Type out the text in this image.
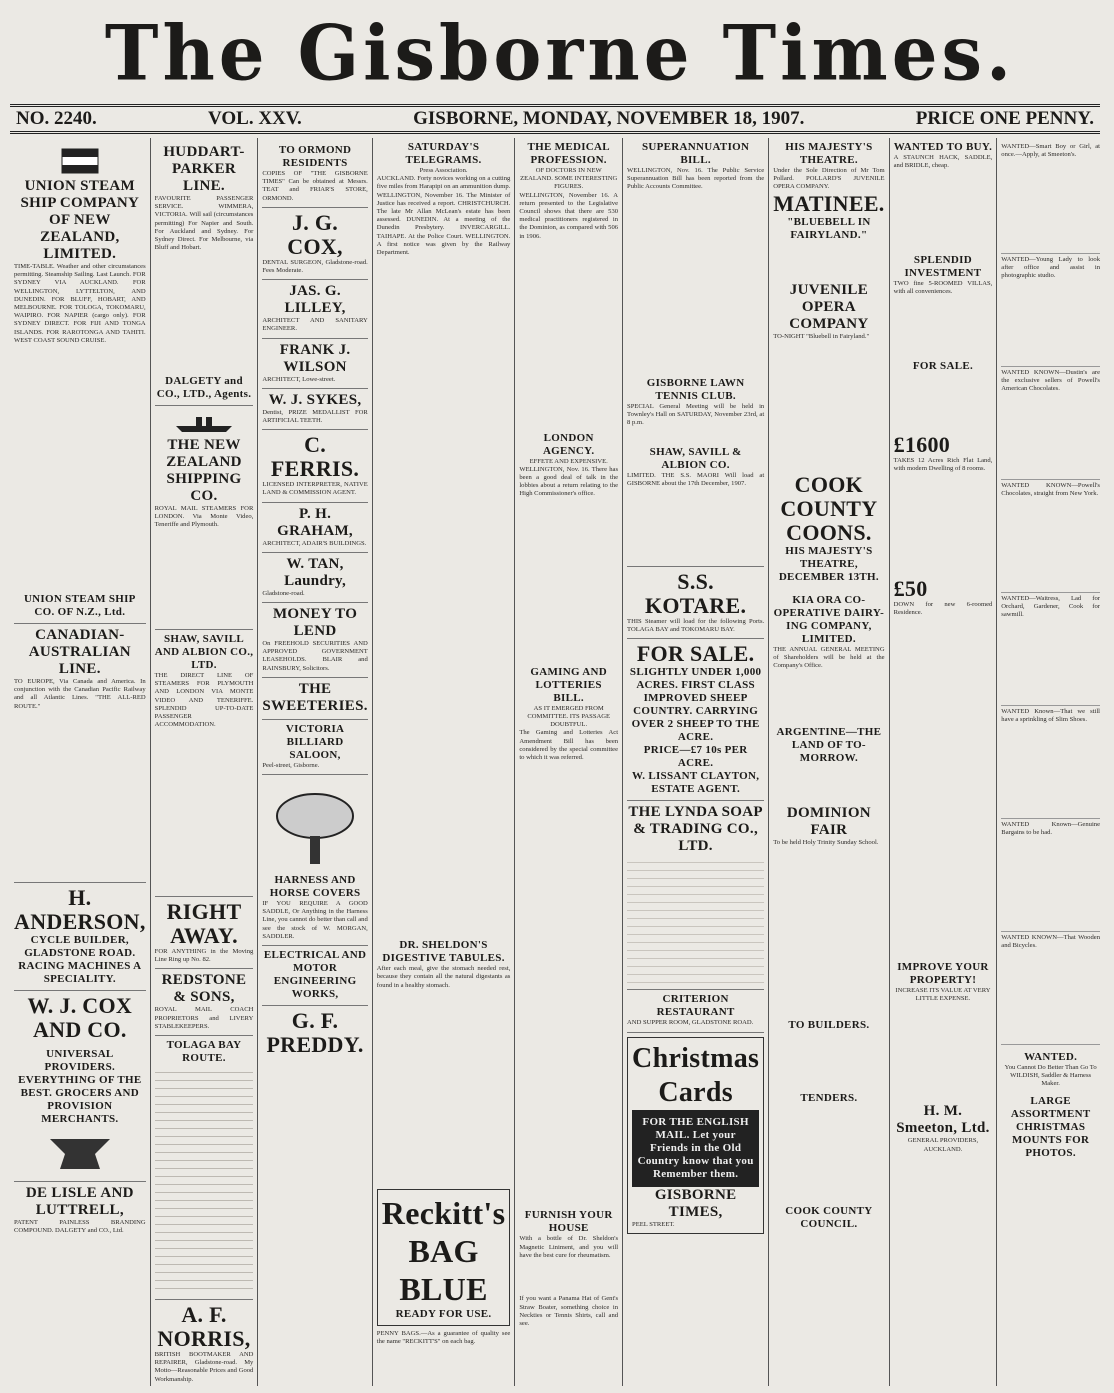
The Gisborne Times.
NO. 2240.	VOL. XXV.	GISBORNE, MONDAY, NOVEMBER 18, 1907.	PRICE ONE PENNY.
UNION STEAM SHIP COMPANY OF NEW ZEALAND, LIMITED.
TIME-TABLE. Weather and other circumstances permitting. Steamship Sailing. Last Launch. FOR SYDNEY VIA AUCKLAND. FOR WELLINGTON, LYTTELTON, AND DUNEDIN. FOR BLUFF, HOBART, AND MELBOURNE. FOR TOLOGA, TOKOMARU, WAIPIRO. FOR NAPIER (cargo only). FOR SYDNEY DIRECT. FOR FIJI AND TONGA ISLANDS. FOR RAROTONGA AND TAHITI. WEST COAST SOUND CRUISE.
UNION STEAM SHIP CO. OF N.Z., Ltd.
CANADIAN-AUSTRALIAN LINE.
TO EUROPE, Via Canada and America. In conjunction with the Canadian Pacific Railway and all Atlantic Lines. "THE ALL-RED ROUTE."
H. ANDERSON,
CYCLE BUILDER, GLADSTONE ROAD.
RACING MACHINES A SPECIALITY.
W. J. COX AND CO.
UNIVERSAL PROVIDERS. EVERYTHING OF THE BEST. GROCERS AND PROVISION MERCHANTS.
DE LISLE AND LUTTRELL,
PATENT PAINLESS BRANDING COMPOUND. DALGETY and CO., Ltd.
HUDDART-PARKER LINE.
FAVOURITE PASSENGER SERVICE. WIMMERA, VICTORIA. Will sail (circumstances permitting) For Napier and South. For Auckland and Sydney. For Sydney Direct. For Melbourne, via Bluff and Hobart.
DALGETY and CO., LTD., Agents.
THE NEW ZEALAND SHIPPING CO.
ROYAL MAIL STEAMERS FOR LONDON. Via Monte Video, Teneriffe and Plymouth.
SHAW, SAVILL AND ALBION CO., LTD.
THE DIRECT LINE OF STEAMERS FOR PLYMOUTH AND LONDON VIA MONTE VIDEO AND TENERIFFE. SPLENDID UP-TO-DATE PASSENGER ACCOMMODATION.
RIGHT AWAY.
FOR ANYTHING in the Moving Line Ring up No. 82.
REDSTONE & SONS,
ROYAL MAIL COACH PROPRIETORS and LIVERY STABLEKEEPERS.
TOLAGA BAY ROUTE.
A. F. NORRIS,
BRITISH BOOTMAKER AND REPAIRER, Gladstone-road. My Motto—Reasonable Prices and Good Workmanship.
TO ORMOND RESIDENTS
COPIES OF "THE GISBORNE TIMES" Can be obtained at Messrs. TEAT and FRIAR'S STORE, ORMOND.
J. G. COX,
DENTAL SURGEON, Gladstone-road. Fees Moderate.
JAS. G. LILLEY,
ARCHITECT AND SANITARY ENGINEER.
FRANK J. WILSON
ARCHITECT, Lowe-street.
W. J. SYKES,
Dentist, PRIZE MEDALLIST FOR ARTIFICIAL TEETH.
C. FERRIS.
LICENSED INTERPRETER, NATIVE LAND & COMMISSION AGENT.
P. H. GRAHAM,
ARCHITECT, ADAIR'S BUILDINGS.
W. TAN, Laundry,
Gladstone-road.
MONEY TO LEND
On FREEHOLD SECURITIES AND APPROVED GOVERNMENT LEASEHOLDS. BLAIR and RAINSBURY, Solicitors.
THE SWEETERIES.
VICTORIA BILLIARD SALOON,
Peel-street, Gisborne.
HARNESS AND HORSE COVERS
IF YOU REQUIRE A GOOD SADDLE, Or Anything in the Harness Line, you cannot do better than call and see the stock of W. MORGAN, SADDLER.
ELECTRICAL AND MOTOR ENGINEERING WORKS,
G. F. PREDDY.
SATURDAY'S TELEGRAMS.
Press Association.
AUCKLAND. Forty novices working on a cutting five miles from Harapipi on an ammunition dump. WELLINGTON, November 16. The Minister of Justice has received a report. CHRISTCHURCH. The late Mr Allan McLean's estate has been assessed. DUNEDIN. At a meeting of the Dunedin Presbytery. INVERCARGILL. TAIHAPE. At the Police Court. WELLINGTON. A first notice was given by the Railway Department.
DR. SHELDON'S DIGESTIVE TABULES.
After each meal, give the stomach needed rest, because they contain all the natural digestants as found in a healthy stomach.
Reckitt's BAG BLUE
READY FOR USE.
PENNY BAGS.—As a guarantee of quality see the name "RECKITT'S" on each bag.
THE MEDICAL PROFESSION.
OF DOCTORS IN NEW ZEALAND. SOME INTERESTING FIGURES.
WELLINGTON, November 16. A return presented to the Legislative Council shows that there are 530 medical practitioners registered in the Dominion, as compared with 506 in 1906.
LONDON AGENCY.
EFFETE AND EXPENSIVE.
WELLINGTON, Nov. 16. There has been a good deal of talk in the lobbies about a return relating to the High Commissioner's office.
GAMING AND LOTTERIES BILL.
AS IT EMERGED FROM COMMITTEE. ITS PASSAGE DOUBTFUL.
The Gaming and Lotteries Act Amendment Bill has been considered by the special committee to which it was referred.
FURNISH YOUR HOUSE
With a bottle of Dr. Sheldon's Magnetic Liniment, and you will have the best cure for rheumatism.
If you want a Panama Hat of Gent's Straw Boater, something choice in Neckties or Tennis Shirts, call and see.
SUPERANNUATION BILL.
WELLINGTON, Nov. 16. The Public Service Superannuation Bill has been reported from the Public Accounts Committee.
GISBORNE LAWN TENNIS CLUB.
SPECIAL General Meeting will be held in Townley's Hall on SATURDAY, November 23rd, at 8 p.m.
SHAW, SAVILL & ALBION CO.
LIMITED. THE S.S. MAORI Will load at GISBORNE about the 17th December, 1907.
S.S. KOTARE.
THIS Steamer will load for the following Ports. TOLAGA BAY and TOKOMARU BAY.
FOR SALE.
SLIGHTLY UNDER 1,000 ACRES. FIRST CLASS IMPROVED SHEEP COUNTRY. CARRYING OVER 2 SHEEP TO THE ACRE.
PRICE—£7 10s PER ACRE.
W. LISSANT CLAYTON, ESTATE AGENT.
THE LYNDA SOAP & TRADING CO., LTD.
CRITERION RESTAURANT
AND SUPPER ROOM, GLADSTONE ROAD.
Christmas Cards
FOR THE ENGLISH MAIL. Let your Friends in the Old Country know that you Remember them.
GISBORNE TIMES,
PEEL STREET.
HIS MAJESTY'S THEATRE.
Under the Sole Direction of Mr Tom Pollard. POLLARD'S JUVENILE OPERA COMPANY.
MATINEE.
"BLUEBELL IN FAIRYLAND."
JUVENILE OPERA COMPANY
TO-NIGHT "Bluebell in Fairyland."
COOK COUNTY COONS.
HIS MAJESTY'S THEATRE, DECEMBER 13TH.
KIA ORA CO-OPERATIVE DAIRY-ING COMPANY, LIMITED.
THE ANNUAL GENERAL MEETING of Shareholders will be held at the Company's Office.
ARGENTINE—THE LAND OF TO-MORROW.
DOMINION FAIR
To be held Holy Trinity Sunday School.
TO BUILDERS.
TENDERS.
COOK COUNTY COUNCIL.
WANTED TO BUY.
A STAUNCH HACK, SADDLE, and BRIDLE, cheap.
SPLENDID INVESTMENT
TWO fine 5-ROOMED VILLAS, with all conveniences.
FOR SALE.
£1600
TAKES 12 Acres Rich Flat Land, with modern Dwelling of 8 rooms.
£50
DOWN for new 6-roomed Residence.
IMPROVE YOUR PROPERTY!
INCREASE ITS VALUE AT VERY LITTLE EXPENSE.
H. M. Smeeton, Ltd.
GENERAL PROVIDERS, AUCKLAND.
WANTED—Smart Boy or Girl, at once.—Apply, at Smeeton's.
WANTED—Young Lady to look after office and assist in photographic studio.
WANTED KNOWN—Dustin's are the exclusive sellers of Powell's American Chocolates.
WANTED KNOWN—Powell's Chocolates, straight from New York.
WANTED—Waitress, Lad for Orchard, Gardener, Cook for sawmill.
WANTED Known—That we still have a sprinkling of Slim Shoes.
WANTED Known—Genuine Bargains to be had.
WANTED KNOWN—That Wooden and Bicycles.
WANTED.
You Cannot Do Better Than Go To WILDISH, Saddler & Harness Maker.
LARGE ASSORTMENT
CHRISTMAS MOUNTS FOR PHOTOS.
